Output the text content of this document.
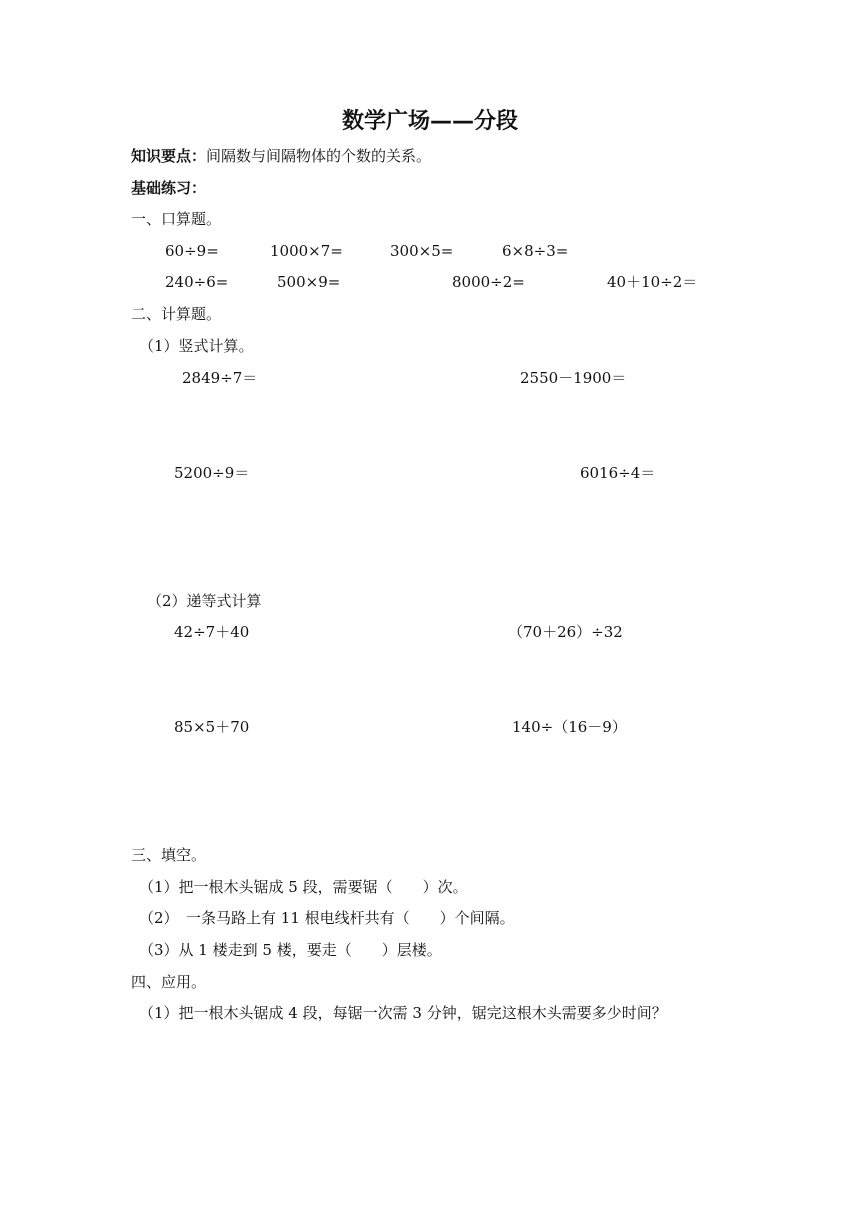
数学广场——分段
知识要点：间隔数与间隔物体的个数的关系。
基础练习：
一、口算题。
60÷9=	1000×7=	300×5=	6×8÷3=
240÷6=	500×9=	8000÷2=	40＋10÷2＝
二、计算题。
（1）竖式计算。
2849÷7＝	2550－1900＝
5200÷9＝	6016÷4＝
（2）递等式计算
42÷7＋40	（70＋26）÷32
85×5＋70	140÷（16－9）
三、填空。
（1）把一根木头锯成 5 段，需要锯（　　）次。
（2）　一条马路上有 11 根电线杆共有（　　）个间隔。
（3）从 1 楼走到 5 楼，要走（　　）层楼。
四、应用。
（1）把一根木头锯成 4 段，每锯一次需 3 分钟，锯完这根木头需要多少时间？
